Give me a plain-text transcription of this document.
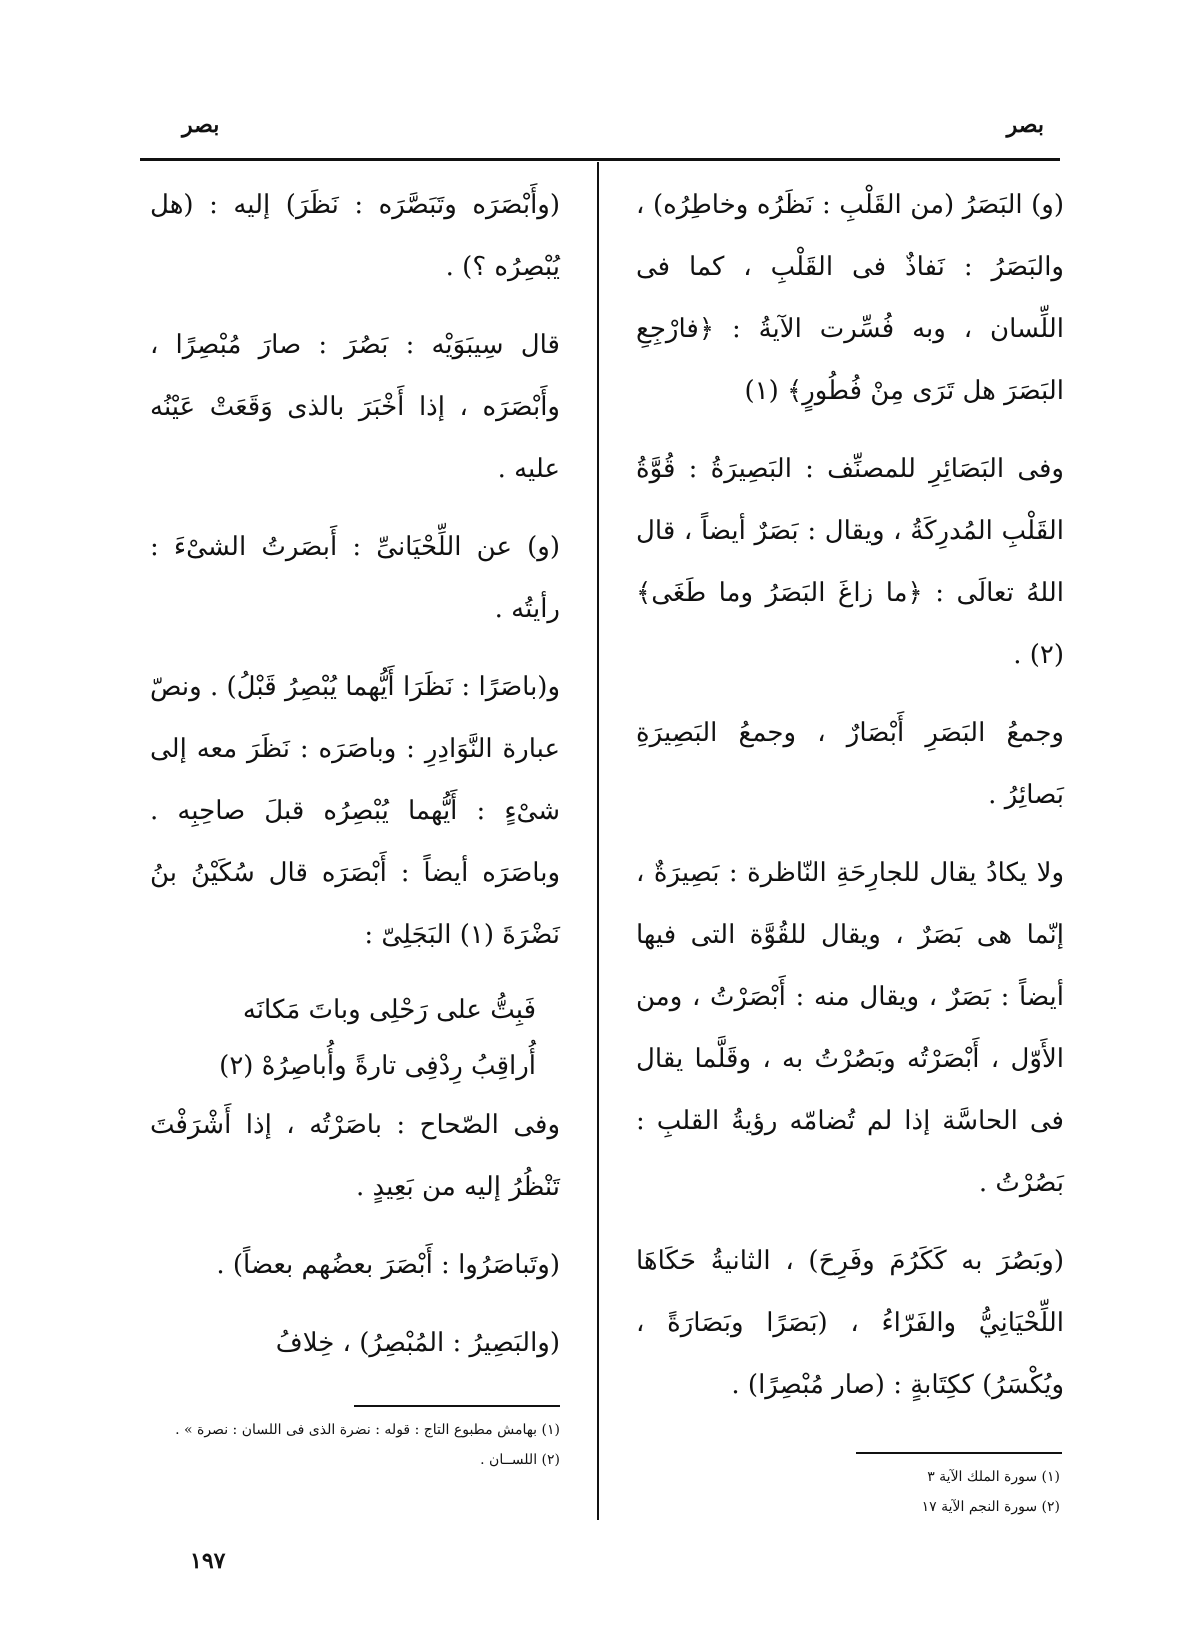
بصر
بصر

(و) البَصَرُ (من القَلْبِ : نَظَرُه وخاطِرُه) ، والبَصَرُ : نَفاذٌ فى القَلْبِ ، كما فى اللِّسان ، وبه فُسِّرت الآيةُ : ﴿فارْجِعِ البَصَرَ هل تَرَى مِنْ فُطُورٍ﴾ (١)

وفى البَصَائِرِ للمصنِّف : البَصِيرَةُ : قُوَّةُ القَلْبِ المُدرِكَةُ ، ويقال : بَصَرٌ أيضاً ، قال اللهُ تعالَى : ﴿ما زاغَ البَصَرُ وما طَغَى﴾ (٢) .

وجمعُ البَصَرِ أَبْصَارٌ ، وجمعُ البَصِيرَةِ بَصائِرُ .

ولا يكادُ يقال للجارِحَةِ النّاظرة : بَصِيرَةٌ ، إنّما هى بَصَرٌ ، ويقال للقُوَّة التى فيها أيضاً : بَصَرٌ ، ويقال منه : أَبْصَرْتُ ، ومن الأَوّل ، أَبْصَرْتُه وبَصُرْتُ به ، وقَلَّما يقال فى الحاسَّة إذا لم تُضامّه رؤيةُ القلبِ : بَصُرْتُ .

(وبَصُرَ به كَكَرُمَ وفَرِحَ) ، الثانيةُ حَكَاهَا اللِّحْيَانِيُّ والفَرّاءُ ، (بَصَرًا وبَصَارَةً ، ويُكْسَرُ) ككِتَابةٍ : (صار مُبْصِرًا) .

(١) سورة الملك الآية ٣

(٢) سورة النجم الآية ١٧

(وأَبْصَرَه وتَبَصَّرَه : نَظَرَ) إليه : (هل يُبْصِرُه ؟) .

قال سِيبَوَيْه : بَصُرَ : صارَ مُبْصِرًا ، وأَبْصَرَه ، إذا أَخْبَرَ بالذى وَقَعَتْ عَيْنُه عليه .

(و) عن اللِّحْيَانىِّ : أَبصَرتُ الشىْءَ : رأيتُه .

و(باصَرًا : نَظَرَا أَيُّهما يُبْصِرُ قَبْلُ) . ونصّ عبارة النَّوَادِرِ : وباصَرَه : نَظَرَ معه إلى شىْءٍ : أَيُّهما يُبْصِرُه قبلَ صاحِبِه . وباصَرَه أيضاً : أَبْصَرَه قال سُكَيْنُ بنُ نَضْرَةَ (١) البَجَلِىّ :

فَبِتُّ على رَحْلِى وباتَ مَكانَه

أُراقِبُ رِدْفِى تارةً وأُباصِرُهْ (٢)

وفى الصّحاح : باصَرْتُه ، إذا أَشْرَفْتَ تَنْظُرُ إليه من بَعِيدٍ .

(وتَباصَرُوا : أَبْصَرَ بعضُهم بعضاً) .

(والبَصِيرُ : المُبْصِرُ) ، خِلافُ

(١) بهامش مطبوع التاج : قوله : نضرة الذى فى اللسان : نصرة » .

(٢) اللســان .

١٩٧
